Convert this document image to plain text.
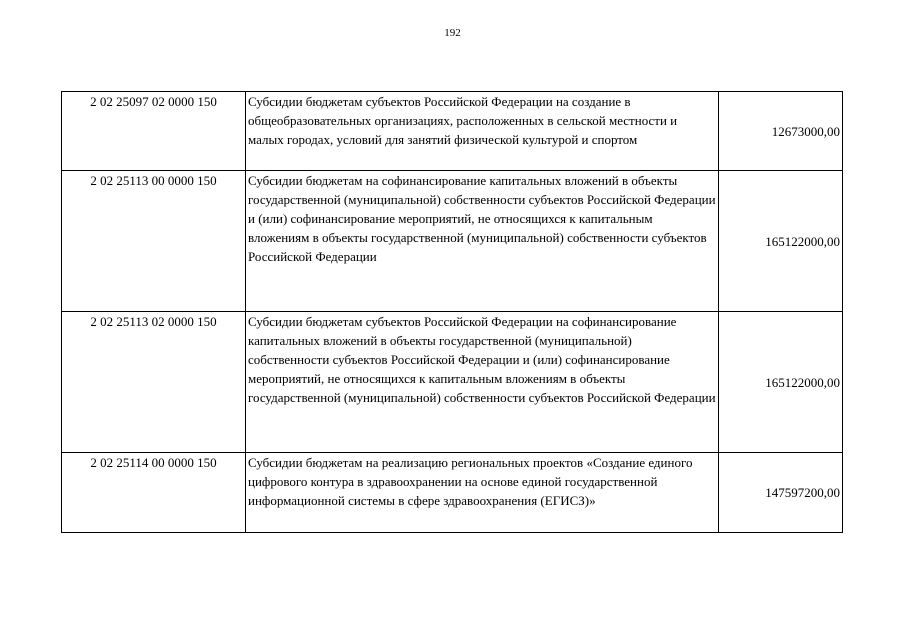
192
2 02 25097 02 0000 150	Субсидии бюджетам субъектов Российской Федерации на создание в общеобразовательных организациях, расположенных в сельской местности и малых городах, условий для занятий физической культурой и спортом	12673000,00
2 02 25113 00 0000 150	Субсидии бюджетам на софинансирование капитальных вложений в объекты государственной (муниципальной) собственности субъектов Российской Федерации и (или) софинансирование мероприятий, не относящихся к капитальным вложениям в объекты государственной (муниципальной) собственности субъектов Российской Федерации	165122000,00
2 02 25113 02 0000 150	Субсидии бюджетам субъектов Российской Федерации на софинансирование капитальных вложений в объекты государственной (муниципальной) собственности субъектов Российской Федерации и (или) софинансирование мероприятий, не относящихся к капитальным вложениям в объекты государственной (муниципальной) собственности субъектов Российской Федерации	165122000,00
2 02 25114 00 0000 150	Субсидии бюджетам на реализацию региональных проектов «Создание единого цифрового контура в здравоохранении на основе единой государственной информационной системы в сфере здравоохранения (ЕГИСЗ)»	147597200,00
